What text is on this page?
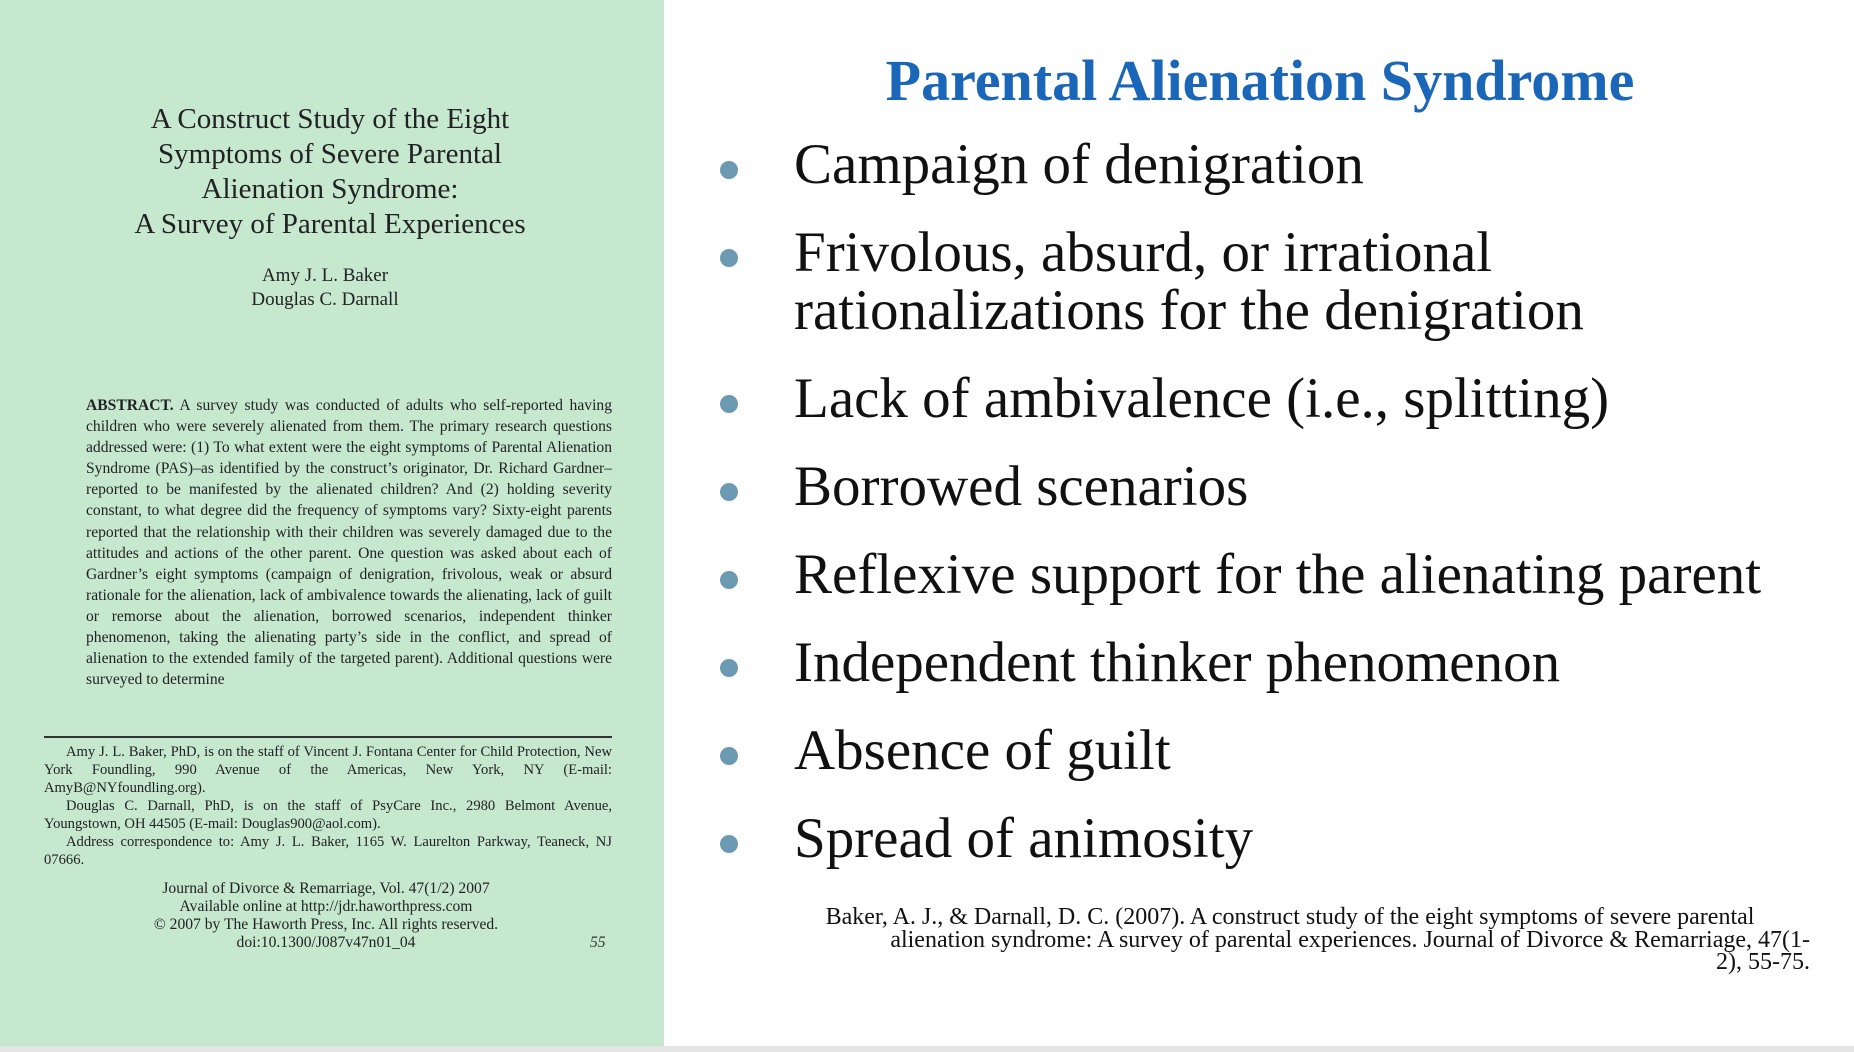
A Construct Study of the Eight
Symptoms of Severe Parental
Alienation Syndrome:
A Survey of Parental Experiences
Amy J. L. Baker
Douglas C. Darnall
ABSTRACT. A survey study was conducted of adults who self-reported having children who were severely alienated from them. The primary research questions addressed were: (1) To what extent were the eight symptoms of Parental Alienation Syndrome (PAS)–as identified by the construct’s originator, Dr. Richard Gardner–reported to be manifested by the alienated children? And (2) holding severity constant, to what degree did the frequency of symptoms vary? Sixty-eight parents reported that the relationship with their children was severely damaged due to the attitudes and actions of the other parent. One question was asked about each of Gardner’s eight symptoms (campaign of denigration, frivolous, weak or absurd rationale for the alienation, lack of ambivalence towards the alienating, lack of guilt or remorse about the alienation, borrowed scenarios, independent thinker phenomenon, taking the alienating party’s side in the conflict, and spread of alienation to the extended family of the targeted parent). Additional questions were surveyed to determine

Amy J. L. Baker, PhD, is on the staff of Vincent J. Fontana Center for Child Protection, New York Foundling, 990 Avenue of the Americas, New York, NY (E-mail: AmyB@NYfoundling.org).

Douglas C. Darnall, PhD, is on the staff of PsyCare Inc., 2980 Belmont Avenue, Youngstown, OH 44505 (E-mail: Douglas900@aol.com).

Address correspondence to: Amy J. L. Baker, 1165 W. Laurelton Parkway, Teaneck, NJ 07666.

Journal of Divorce & Remarriage, Vol. 47(1/2) 2007
Available online at http://jdr.haworthpress.com
© 2007 by The Haworth Press, Inc. All rights reserved.
doi:10.1300/J087v47n01_04	55
Parental Alienation Syndrome
Campaign of denigration
Frivolous, absurd, or irrational
rationalizations for the denigration
Lack of ambivalence (i.e., splitting)
Borrowed scenarios
Reflexive support for the alienating parent
Independent thinker phenomenon
Absence of guilt
Spread of animosity
Baker, A. J., & Darnall, D. C. (2007). A construct study of the eight symptoms of severe parental
alienation syndrome: A survey of parental experiences. Journal of Divorce & Remarriage, 47(1-
2), 55-75.
